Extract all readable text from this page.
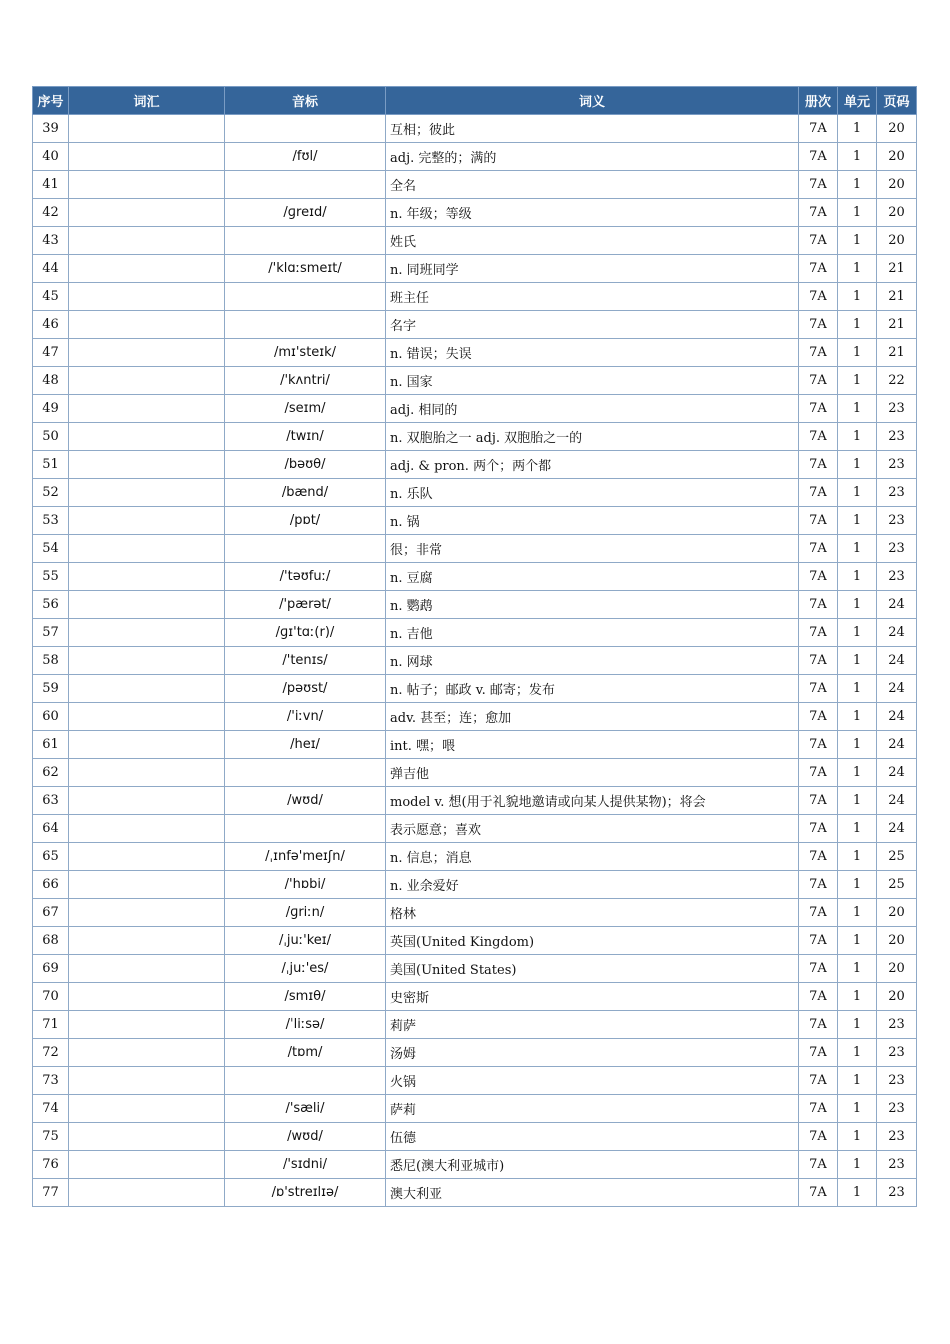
序号	词汇	音标	词义	册次	单元	页码
39			互相；彼此	7A	1	20
40		/fʊl/	adj. 完整的；满的	7A	1	20
41			全名	7A	1	20
42		/ɡreɪd/	n. 年级；等级	7A	1	20
43			姓氏	7A	1	20
44		/'klɑːsmeɪt/	n. 同班同学	7A	1	21
45			班主任	7A	1	21
46			名字	7A	1	21
47		/mɪ'steɪk/	n. 错误；失误	7A	1	21
48		/'kʌntri/	n. 国家	7A	1	22
49		/seɪm/	adj. 相同的	7A	1	23
50		/twɪn/	n. 双胞胎之一 adj. 双胞胎之一的	7A	1	23
51		/bəʊθ/	adj. & pron. 两个；两个都	7A	1	23
52		/bænd/	n. 乐队	7A	1	23
53		/pɒt/	n. 锅	7A	1	23
54			很；非常	7A	1	23
55		/'təʊfuː/	n. 豆腐	7A	1	23
56		/'pærət/	n. 鹦鹉	7A	1	24
57		/ɡɪ'tɑː(r)/	n. 吉他	7A	1	24
58		/'tenɪs/	n. 网球	7A	1	24
59		/pəʊst/	n. 帖子；邮政 v. 邮寄；发布	7A	1	24
60		/'iːvn/	adv. 甚至；连；愈加	7A	1	24
61		/heɪ/	int. 嘿；喂	7A	1	24
62			弹吉他	7A	1	24
63		/wʊd/	model v. 想(用于礼貌地邀请或向某人提供某物)；将会	7A	1	24
64			表示愿意；喜欢	7A	1	24
65		/ˌɪnfə'meɪʃn/	n. 信息；消息	7A	1	25
66		/'hɒbi/	n. 业余爱好	7A	1	25
67		/ɡriːn/	格林	7A	1	20
68		/ˌjuː'keɪ/	英国(United Kingdom)	7A	1	20
69		/ˌjuː'es/	美国(United States)	7A	1	20
70		/smɪθ/	史密斯	7A	1	20
71		/ˈliːsə/	莉萨	7A	1	23
72		/tɒm/	汤姆	7A	1	23
73			火锅	7A	1	23
74		/'sæli/	萨莉	7A	1	23
75		/wʊd/	伍德	7A	1	23
76		/'sɪdni/	悉尼(澳大利亚城市)	7A	1	23
77		/ɒ'streɪlɪə/	澳大利亚	7A	1	23
